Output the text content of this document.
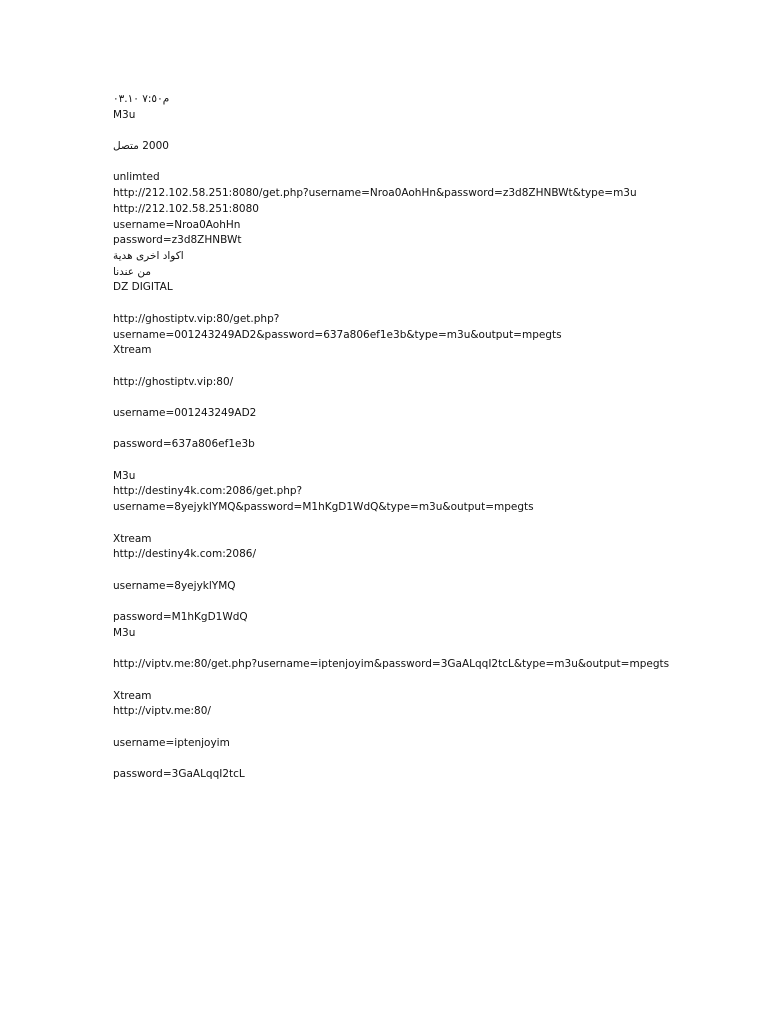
م٧:٥٠ ٠٣.١٠
M3u
2000 متصل
unlimted
http://212.102.58.251:8080/get.php?username=Nroa0AohHn&password=z3d8ZHNBWt&type=m3u
http://212.102.58.251:8080
username=Nroa0AohHn
password=z3d8ZHNBWt
اكواد اخرى هدية
من عندنا
DZ DIGITAL
http://ghostiptv.vip:80/get.php?
username=001243249AD2&password=637a806ef1e3b&type=m3u&output=mpegts
Xtream
http://ghostiptv.vip:80/
username=001243249AD2
password=637a806ef1e3b
M3u
http://destiny4k.com:2086/get.php?
username=8yejyklYMQ&password=M1hKgD1WdQ&type=m3u&output=mpegts
Xtream
http://destiny4k.com:2086/
username=8yejyklYMQ
password=M1hKgD1WdQ
M3u
http://viptv.me:80/get.php?username=iptenjoyim&password=3GaALqqI2tcL&type=m3u&output=mpegts
Xtream
http://viptv.me:80/
username=iptenjoyim
password=3GaALqqI2tcL
